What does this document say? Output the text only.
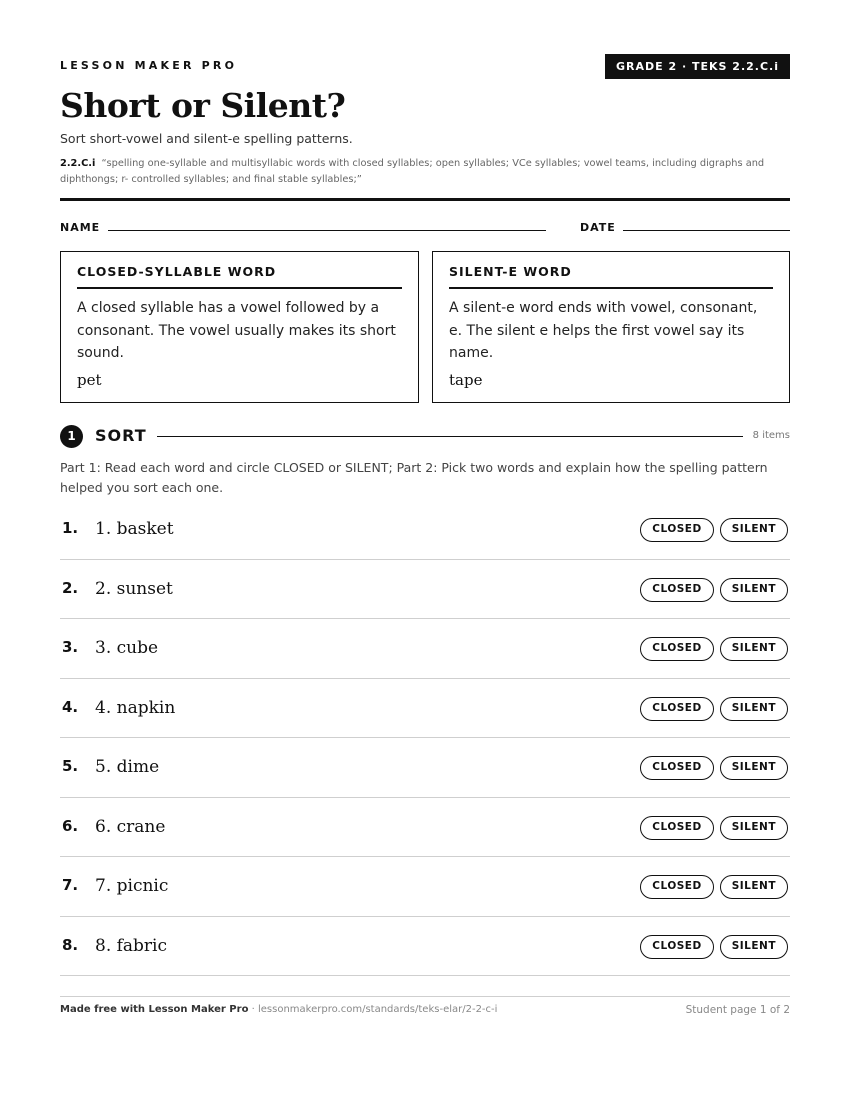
LESSON MAKER PRO	GRADE 2 · TEKS 2.2.C.i
Short or Silent?
Sort short-vowel and silent-e spelling patterns.
2.2.C.i “spelling one-syllable and multisyllabic words with closed syllables; open syllables; VCe syllables; vowel teams, including digraphs and diphthongs; r- controlled syllables; and final stable syllables;”
NAME	DATE
CLOSED-SYLLABLE WORD
A closed syllable has a vowel followed by a consonant. The vowel usually makes its short sound.
pet
SILENT-E WORD
A silent-e word ends with vowel, consonant, e. The silent e helps the first vowel say its name.
tape
1	SORT	8 items
Part 1: Read each word and circle CLOSED or SILENT; Part 2: Pick two words and explain how the spelling pattern helped you sort each one.
1. 1. basket	CLOSED	SILENT
2. 2. sunset	CLOSED	SILENT
3. 3. cube	CLOSED	SILENT
4. 4. napkin	CLOSED	SILENT
5. 5. dime	CLOSED	SILENT
6. 6. crane	CLOSED	SILENT
7. 7. picnic	CLOSED	SILENT
8. 8. fabric	CLOSED	SILENT
Made free with Lesson Maker Pro · lessonmakerpro.com/standards/teks-elar/2-2-c-i	Student page 1 of 2
